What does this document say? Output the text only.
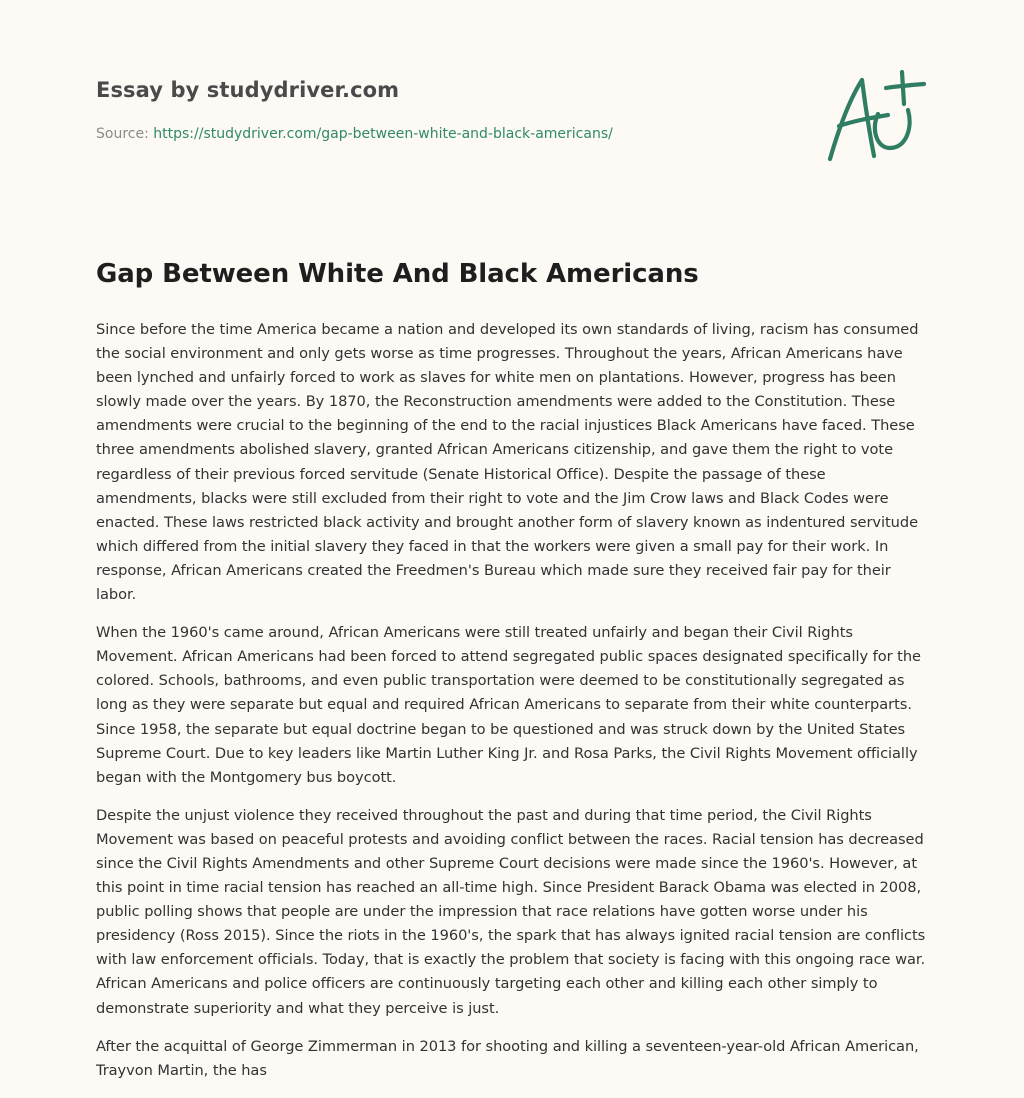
Essay by studydriver.com
Source: https://studydriver.com/gap-between-white-and-black-americans/
Gap Between White And Black Americans

Since before the time America became a nation and developed its own standards of living, racism has consumed the social environment and only gets worse as time progresses. Throughout the years, African Americans have been lynched and unfairly forced to work as slaves for white men on plantations. However, progress has been slowly made over the years. By 1870, the Reconstruction amendments were added to the Constitution. These amendments were crucial to the beginning of the end to the racial injustices Black Americans have faced. These three amendments abolished slavery, granted African Americans citizenship, and gave them the right to vote regardless of their previous forced servitude (Senate Historical Office). Despite the passage of these amendments, blacks were still excluded from their right to vote and the Jim Crow laws and Black Codes were enacted. These laws restricted black activity and brought another form of slavery known as indentured servitude which differed from the initial slavery they faced in that the workers were given a small pay for their work. In response, African Americans created the Freedmen's Bureau which made sure they received fair pay for their labor.

When the 1960's came around, African Americans were still treated unfairly and began their Civil Rights Movement. African Americans had been forced to attend segregated public spaces designated specifically for the colored. Schools, bathrooms, and even public transportation were deemed to be constitutionally segregated as long as they were separate but equal and required African Americans to separate from their white counterparts. Since 1958, the separate but equal doctrine began to be questioned and was struck down by the United States Supreme Court. Due to key leaders like Martin Luther King Jr. and Rosa Parks, the Civil Rights Movement officially began with the Montgomery bus boycott.

Despite the unjust violence they received throughout the past and during that time period, the Civil Rights Movement was based on peaceful protests and avoiding conflict between the races. Racial tension has decreased since the Civil Rights Amendments and other Supreme Court decisions were made since the 1960's. However, at this point in time racial tension has reached an all-time high. Since President Barack Obama was elected in 2008, public polling shows that people are under the impression that race relations have gotten worse under his presidency (Ross 2015). Since the riots in the 1960's, the spark that has always ignited racial tension are conflicts with law enforcement officials. Today, that is exactly the problem that society is facing with this ongoing race war. African Americans and police officers are continuously targeting each other and killing each other simply to demonstrate superiority and what they perceive is just.

After the acquittal of George Zimmerman in 2013 for shooting and killing a seventeen-year-old African American, Trayvon Martin, the has
